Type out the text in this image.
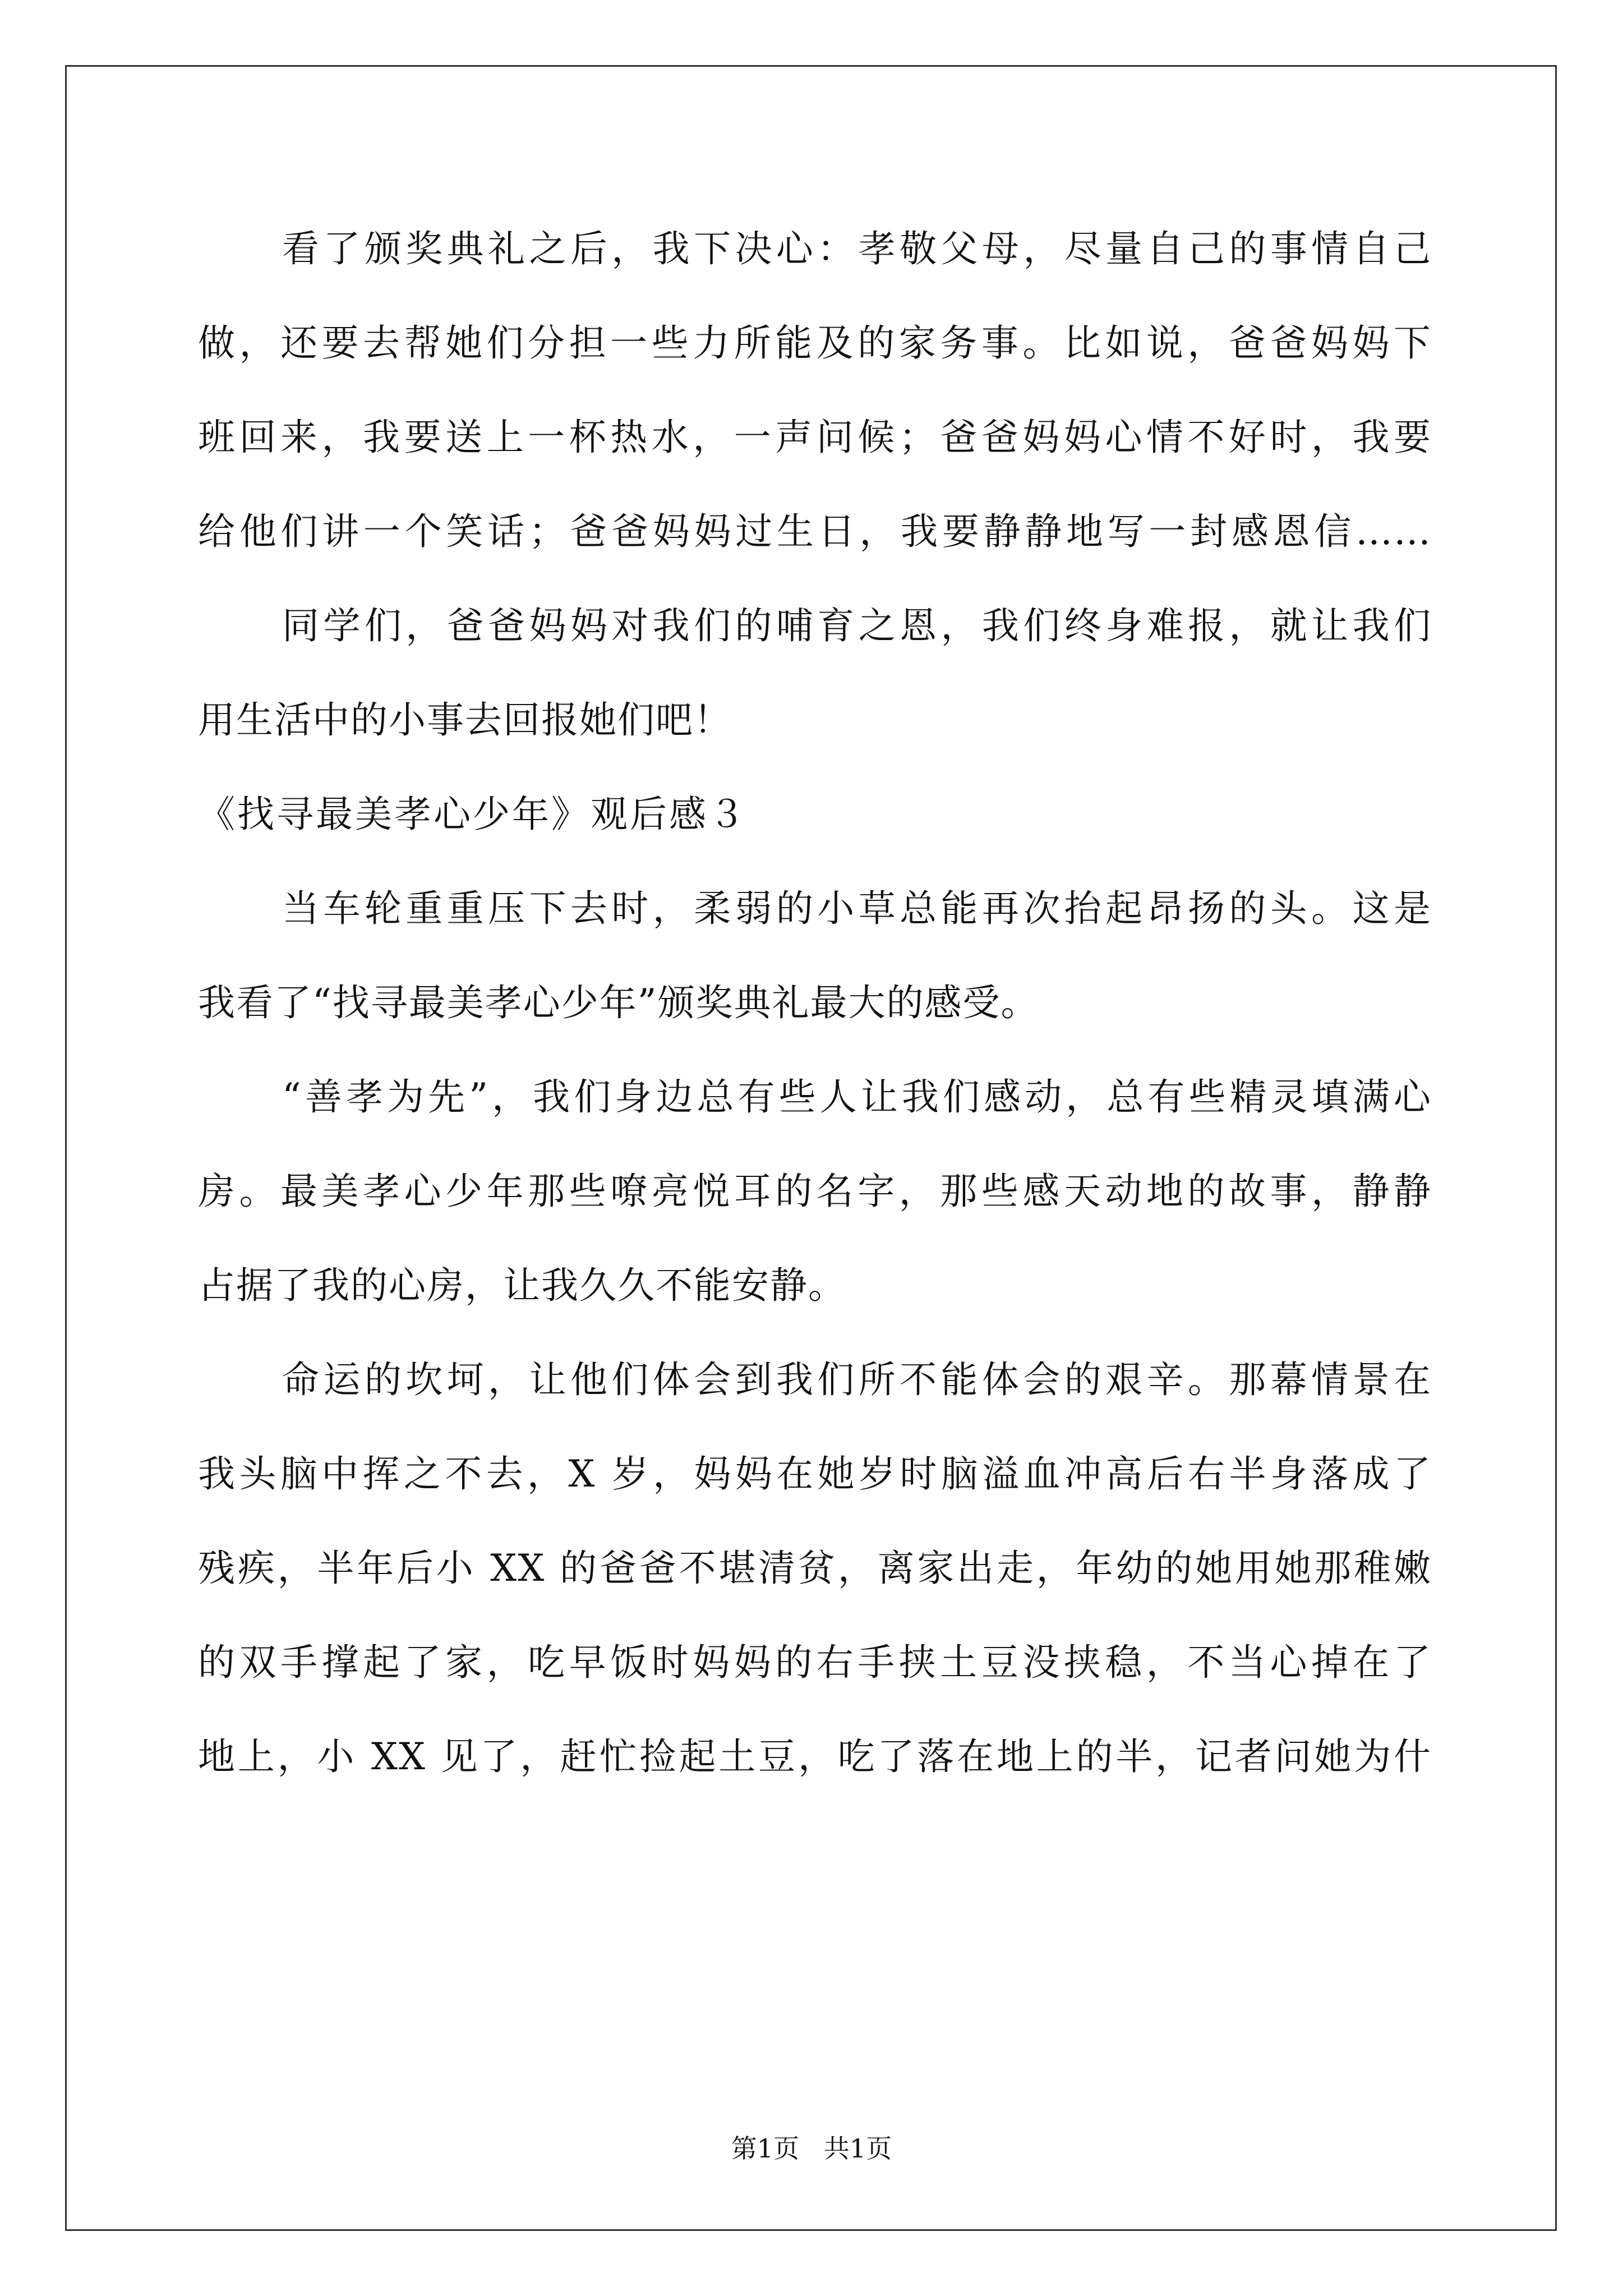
看了颁奖典礼之后，我下决心：孝敬父母，尽量自己的事情自己
做，还要去帮她们分担一些力所能及的家务事。比如说，爸爸妈妈下
班回来，我要送上一杯热水，一声问候；爸爸妈妈心情不好时，我要
给他们讲一个笑话；爸爸妈妈过生日，我要静静地写一封感恩信……
同学们，爸爸妈妈对我们的哺育之恩，我们终身难报，就让我们
用生活中的小事去回报她们吧！
《找寻最美孝心少年》观后感３
当车轮重重压下去时，柔弱的小草总能再次抬起昂扬的头。这是
我看了“找寻最美孝心少年”颁奖典礼最大的感受。
“善孝为先”，我们身边总有些人让我们感动，总有些精灵填满心
房。最美孝心少年那些嘹亮悦耳的名字，那些感天动地的故事，静静
占据了我的心房，让我久久不能安静。
命运的坎坷，让他们体会到我们所不能体会的艰辛。那幕情景在
我头脑中挥之不去，X 岁，妈妈在她岁时脑溢血冲高后右半身落成了
残疾，半年后小 XX 的爸爸不堪清贫，离家出走，年幼的她用她那稚嫩
的双手撑起了家，吃早饭时妈妈的右手挟土豆没挟稳，不当心掉在了
地上，小 XX 见了，赶忙捡起土豆，吃了落在地上的半，记者问她为什
第1页   共1页
